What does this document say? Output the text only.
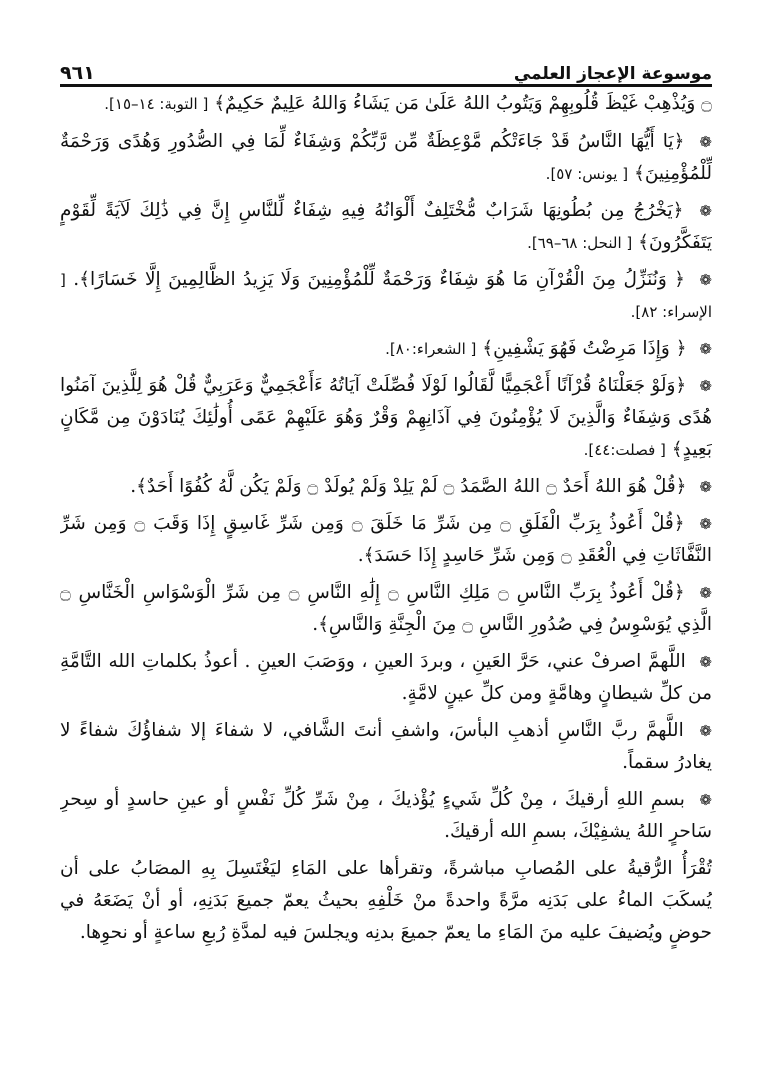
موسوعة الإعجاز العلمي
٩٦١

۝ وَيُذْهِبْ غَيْظَ قُلُوبِهِمْ وَيَتُوبُ اللهُ عَلَىٰ مَن يَشَاءُ وَاللهُ عَلِيمٌ حَكِيمٌ﴾ [ التوبة: ١٤–١٥].

❁ ﴿يَا أَيُّهَا النَّاسُ قَدْ جَاءَتْكُم مَّوْعِظَةٌ مِّن رَّبِّكُمْ وَشِفَاءٌ لِّمَا فِي الصُّدُورِ وَهُدًى وَرَحْمَةٌ لِّلْمُؤْمِنِينَ﴾ [ يونس: ٥٧].

❁ ﴿يَخْرُجُ مِن بُطُونِهَا شَرَابٌ مُّخْتَلِفٌ أَلْوَانُهُ فِيهِ شِفَاءٌ لِّلنَّاسِ إِنَّ فِي ذَٰلِكَ لَآيَةً لِّقَوْمٍ يَتَفَكَّرُونَ﴾ [ النحل: ٦٨–٦٩].

❁ ﴿ وَنُنَزِّلُ مِنَ الْقُرْآنِ مَا هُوَ شِفَاءٌ وَرَحْمَةٌ لِّلْمُؤْمِنِينَ وَلَا يَزِيدُ الظَّالِمِينَ إِلَّا خَسَارًا﴾. [ الإسراء: ٨٢].

❁ ﴿ وَإِذَا مَرِضْتُ فَهُوَ يَشْفِينِ﴾ [ الشعراء:٨٠].

❁ ﴿وَلَوْ جَعَلْنَاهُ قُرْآنًا أَعْجَمِيًّا لَّقَالُوا لَوْلَا فُصِّلَتْ آيَاتُهُ ءَأَعْجَمِيٌّ وَعَرَبِيٌّ قُلْ هُوَ لِلَّذِينَ آمَنُوا هُدًى وَشِفَاءٌ وَالَّذِينَ لَا يُؤْمِنُونَ فِي آذَانِهِمْ وَقْرٌ وَهُوَ عَلَيْهِمْ عَمًى أُولَٰئِكَ يُنَادَوْنَ مِن مَّكَانٍ بَعِيدٍ﴾ [ فصلت:٤٤].

❁ ﴿قُلْ هُوَ اللهُ أَحَدٌ ۝ اللهُ الصَّمَدُ ۝ لَمْ يَلِدْ وَلَمْ يُولَدْ ۝ وَلَمْ يَكُن لَّهُ كُفُوًا أَحَدٌ﴾.

❁ ﴿قُلْ أَعُوذُ بِرَبِّ الْفَلَقِ ۝ مِن شَرِّ مَا خَلَقَ ۝ وَمِن شَرِّ غَاسِقٍ إِذَا وَقَبَ ۝ وَمِن شَرِّ النَّفَّاثَاتِ فِي الْعُقَدِ ۝ وَمِن شَرِّ حَاسِدٍ إِذَا حَسَدَ﴾.

❁ ﴿قُلْ أَعُوذُ بِرَبِّ النَّاسِ ۝ مَلِكِ النَّاسِ ۝ إِلَٰهِ النَّاسِ ۝ مِن شَرِّ الْوَسْوَاسِ الْخَنَّاسِ ۝ الَّذِي يُوَسْوِسُ فِي صُدُورِ النَّاسِ ۝ مِنَ الْجِنَّةِ وَالنَّاسِ﴾.

❁ اللَّهمَّ اصرفْ عني، حَرَّ العَينِ ، وبردَ العينِ ، ووَصَبَ العينِ . أعوذُ بكلماتِ الله التَّامَّةِ من كلِّ شيطانٍ وهامَّةٍ ومن كلِّ عينٍ لامَّةٍ.

❁ اللَّهمَّ ربَّ النَّاسِ أذهبِ البأسَ، واشفِ أنتَ الشَّافي، لا شفاءَ إلا شفاؤُكَ شفاءً لا يغادرُ سقماً.

❁ بسمِ اللهِ أرقيكَ ، مِنْ كُلِّ شَيءٍ يُؤْذيكَ ، مِنْ شَرِّ كُلِّ نَفْسٍ أو عينِ حاسدٍ أو سِحرِ سَاحرٍ اللهُ يشفِيْكَ، بسمِ الله أرقيكَ.

تُقْرَأُ الرُّقيةُ على المُصابِ مباشرةً، وتقرأها على المَاءِ ليَغْتَسِلَ بِهِ المصَابُ على أن يُسكَبَ الماءُ على بَدَنِه مرَّةً واحدةً منْ خَلْفِهِ بحيثُ يعمّ جميعَ بَدَنِهِ، أو أنْ يَضَعَهُ في حوضٍ ويُضيفَ عليه منَ المَاءِ ما يعمّ جميعَ بدنِه ويجلسَ فيه لمدَّةِ رُبعِ ساعةٍ أو نحوِها.
